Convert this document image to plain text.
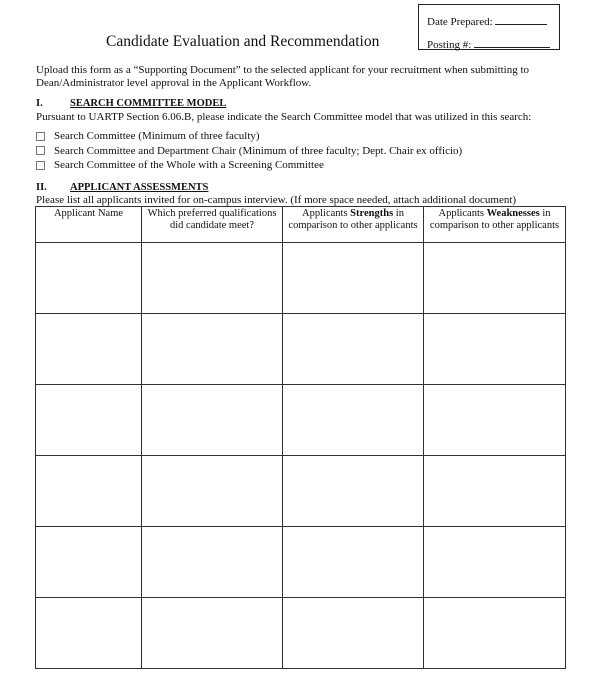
Date Prepared:
Posting #:
Candidate Evaluation and Recommendation
Upload this form as a “Supporting Document” to the selected applicant for your recruitment when submitting to Dean/Administrator level approval in the Applicant Workflow.
I.	SEARCH COMMITTEE MODEL
Pursuant to UARTP Section 6.06.B, please indicate the Search Committee model that was utilized in this search:
Search Committee (Minimum of three faculty)
Search Committee and Department Chair (Minimum of three faculty; Dept. Chair ex officio)
Search Committee of the Whole with a Screening Committee
II. APPLICANT ASSESSMENTS
Please list all applicants invited for on-campus interview. (If more space needed, attach additional document)
Applicant Name	Which preferred qualifications did candidate meet?	Applicants Strengths in comparison to other applicants	Applicants Weaknesses in comparison to other applicants
